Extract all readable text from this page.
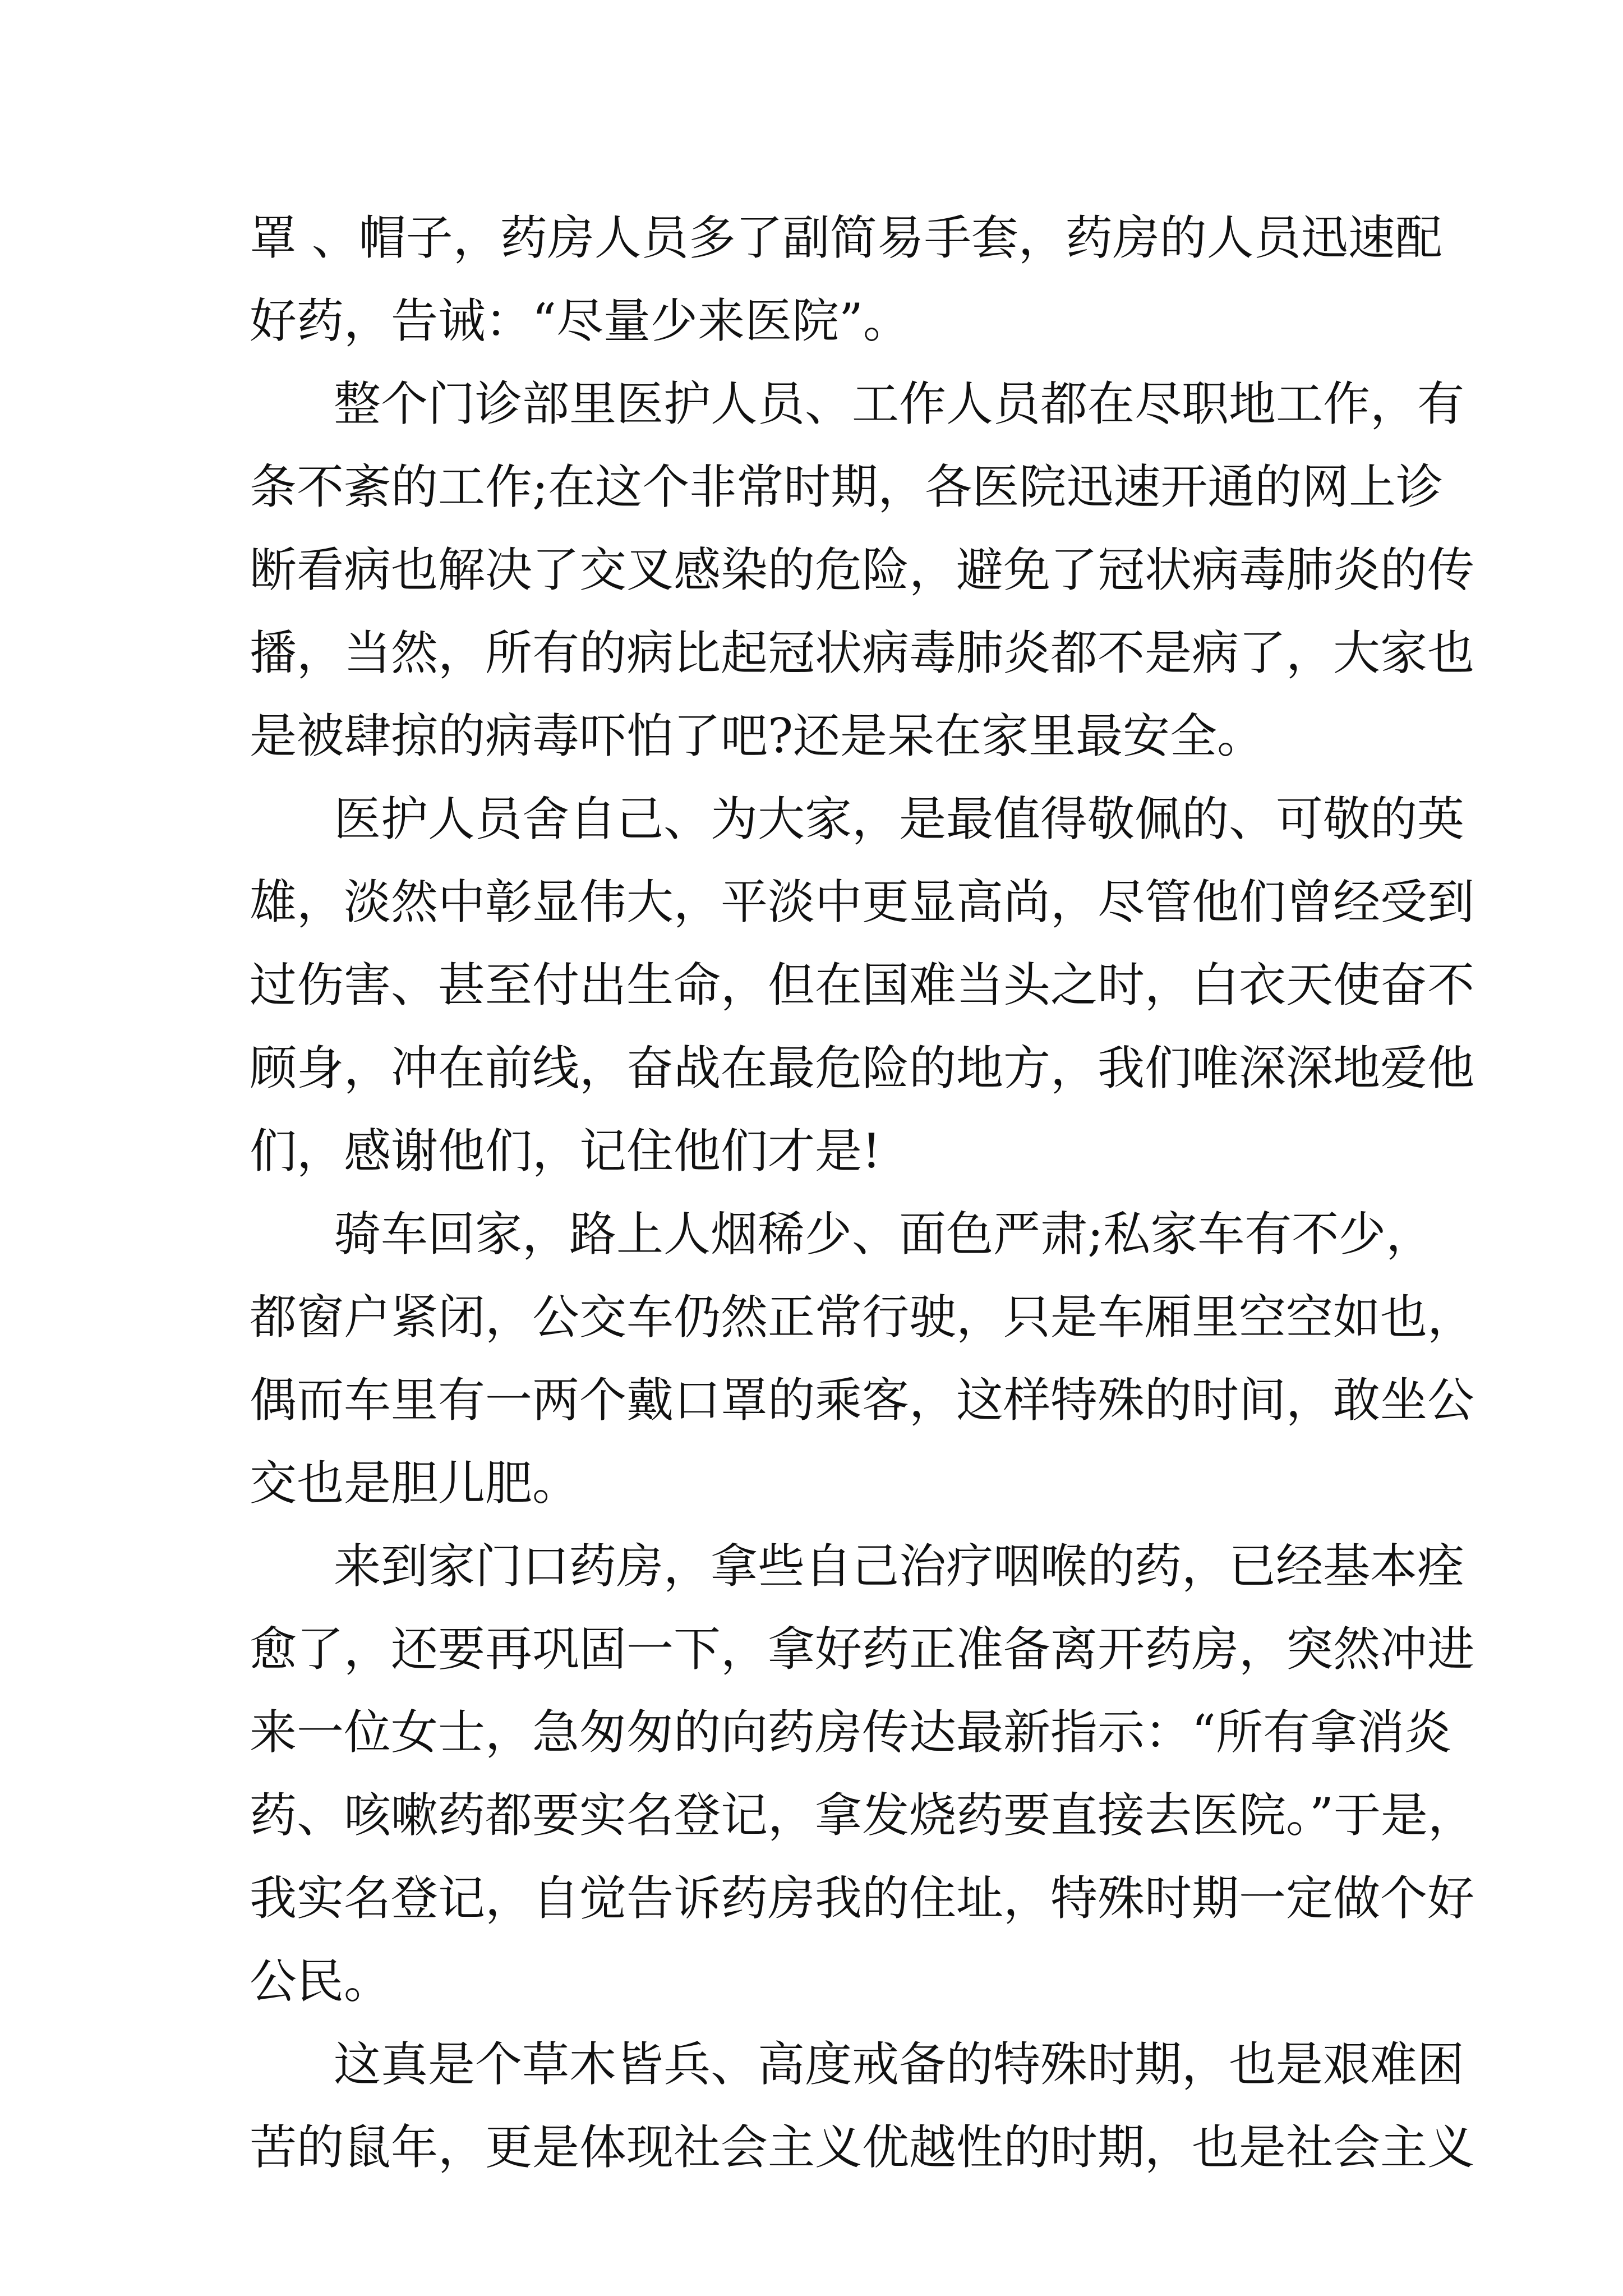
罩 、帽子，药房人员多了副简易手套，药房的人员迅速配
好药，告诫：“尽量少来医院”。
整个门诊部里医护人员、工作人员都在尽职地工作，有
条不紊的工作;在这个非常时期，各医院迅速开通的网上诊
断看病也解决了交叉感染的危险，避免了冠状病毒肺炎的传
播，当然，所有的病比起冠状病毒肺炎都不是病了，大家也
是被肆掠的病毒吓怕了吧?还是呆在家里最安全。
医护人员舍自己、为大家，是最值得敬佩的、可敬的英
雄，淡然中彰显伟大，平淡中更显高尚，尽管他们曾经受到
过伤害、甚至付出生命，但在国难当头之时，白衣天使奋不
顾身，冲在前线，奋战在最危险的地方，我们唯深深地爱他
们，感谢他们，记住他们才是!
骑车回家，路上人烟稀少、面色严肃;私家车有不少，
都窗户紧闭，公交车仍然正常行驶，只是车厢里空空如也，
偶而车里有一两个戴口罩的乘客，这样特殊的时间，敢坐公
交也是胆儿肥。
来到家门口药房，拿些自己治疗咽喉的药，已经基本痊
愈了，还要再巩固一下，拿好药正准备离开药房，突然冲进
来一位女士，急匆匆的向药房传达最新指示：“所有拿消炎
药、咳嗽药都要实名登记，拿发烧药要直接去医院。”于是，
我实名登记，自觉告诉药房我的住址，特殊时期一定做个好
公民。
这真是个草木皆兵、高度戒备的特殊时期，也是艰难困
苦的鼠年，更是体现社会主义优越性的时期，也是社会主义
